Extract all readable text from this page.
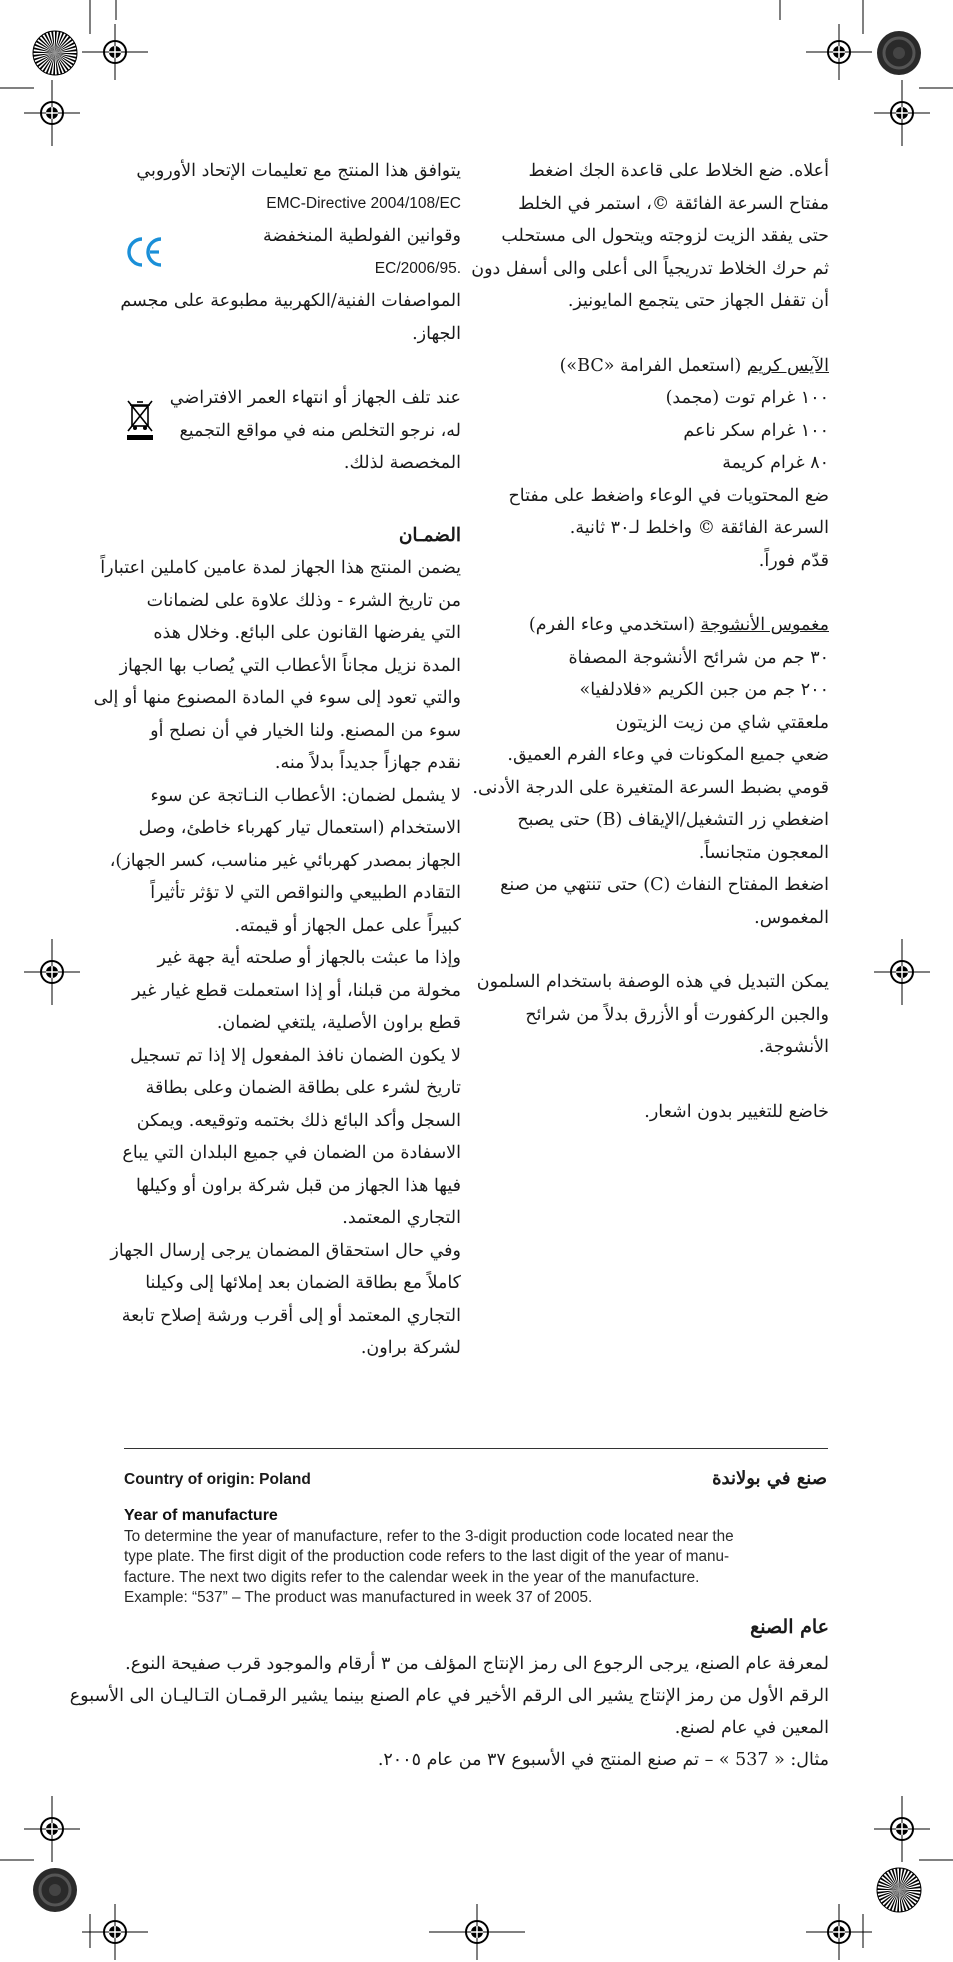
أعلاه. ضع الخلاط على قاعدة الجك اضغط
مفتاح السرعة الفائقة ©، استمر في الخلط
حتى يفقد الزيت لزوجته ويتحول الى مستحلب
ثم حرك الخلاط تدريجياً الى أعلى والى أسفل دون
أن تقفل الجهاز حتى يتجمع المايونيز.
الآيس كريم (استعمل الفرامة «BC»)
١٠٠ غرام توت (مجمد)
١٠٠ غرام سكر ناعم
٨٠ غرام كريمة
ضع المحتويات في الوعاء واضغط على مفتاح
السرعة الفائقة © واخلط لـ٣٠ ثانية.
قدّم فوراً.
مغموس الأنشوجة (استخدمي وعاء الفرم)
٣٠ جم من شرائح الأنشوجة المصفاة
٢٠٠ جم من جبن الكريم «فلادلفيا»
ملعقتي شاي من زيت الزيتون
ضعي جميع المكونات في وعاء الفرم العميق.
قومي بضبط السرعة المتغيرة على الدرجة الأدنى.
اضغطي زر التشغيل/الإيقاف (B) حتى يصبح
المعجون متجانساً.
اضغط المفتاح النفاث (C) حتى تنتهي من صنع
المغموس.
يمكن التبديل في هذه الوصفة باستخدام السلمون
والجبن الركفورت أو الأزرق بدلاً من شرائح
الأنشوجة.
خاضع للتغيير بدون اشعار.
يتوافق هذا المنتج مع تعليمات الإتحاد الأوروبي
EMC-Directive 2004/108/EC
وقوانين الفولطية المنخفضة
.2006/95/EC
المواصفات الفنية/الكهربية مطبوعة على مجسم
الجهاز.
عند تلف الجهاز أو انتهاء العمر الافتراضي
له، نرجو التخلص منه في مواقع التجميع
المخصصة لذلك.
الضمـان
يضمن المنتج هذا الجهاز لمدة عامين كاملين اعتباراً
من تاريخ الشرء - وذلك علاوة على لضمانات
التي يفرضها القانون على البائع. وخلال هذه
المدة نزيل مجاناً الأعطاب التي يُصاب بها الجهاز
والتي تعود إلى سوء في المادة المصنوع منها أو إلى
سوء من المصنع. ولنا الخيار في أن نصلح أو
نقدم جهازاً جديداً بدلاً منه.
لا يشمل لضمان: الأعطاب النـاتجة عن سوء
الاستخدام (استعمال تيار كهرباء خاطئ، وصل
الجهاز بمصدر كهربائي غير مناسب، كسر الجهاز)،
التقادم الطبيعي والنواقص التي لا تؤثر تأثيراً
كبيراً على عمل الجهاز أو قيمته.
وإذا ما عبثت بالجهاز أو صلحته أية جهة غير
مخولة من قبلنا، أو إذا استعملت قطع غيار غير
قطع براون الأصلية، يلتغي لضمان.
لا يكون الضمان نافذ المفعول إلا إذا تم تسجيل
تاريخ لشرء على بطاقة الضمان وعلى بطاقة
السجل وأكد البائع ذلك بختمه وتوقيعه. ويمكن
الاسفادة من الضمان في جميع البلدان التي يباع
فيها هذا الجهاز من قبل شركة براون أو وكيلها
التجاري المعتمد.
وفي حال استحقاق المضمان يرجى إرسال الجهاز
كاملاً مع بطاقة الضمان بعد إملائها إلى وكيلنا
التجاري المعتمد أو إلى أقرب ورشة إصلاح تابعة
لشركة براون.
Country of origin: Poland	صنع في بولاندة
Year of manufacture
To determine the year of manufacture, refer to the 3-digit production code located near the
type plate. The first digit of the production code refers to the last digit of the year of manu-
facture. The next two digits refer to the calendar week in the year of the manufacture.
Example: “537” – The product was manufactured in week 37 of 2005.
عام الصنع
لمعرفة عام الصنع، يرجى الرجوع الى رمز الإنتاج المؤلف من ٣ أرقام والموجود قرب صفيحة النوع.
الرقم الأول من رمز الإنتاج يشير الى الرقم الأخير في عام الصنع بينما يشير الرقمـان التـاليـان الى الأسبوع
المعين في عام لصنع.
مثال: « 537 » – تم صنع المنتج في الأسبوع ٣٧ من عام ٢٠٠٥.
